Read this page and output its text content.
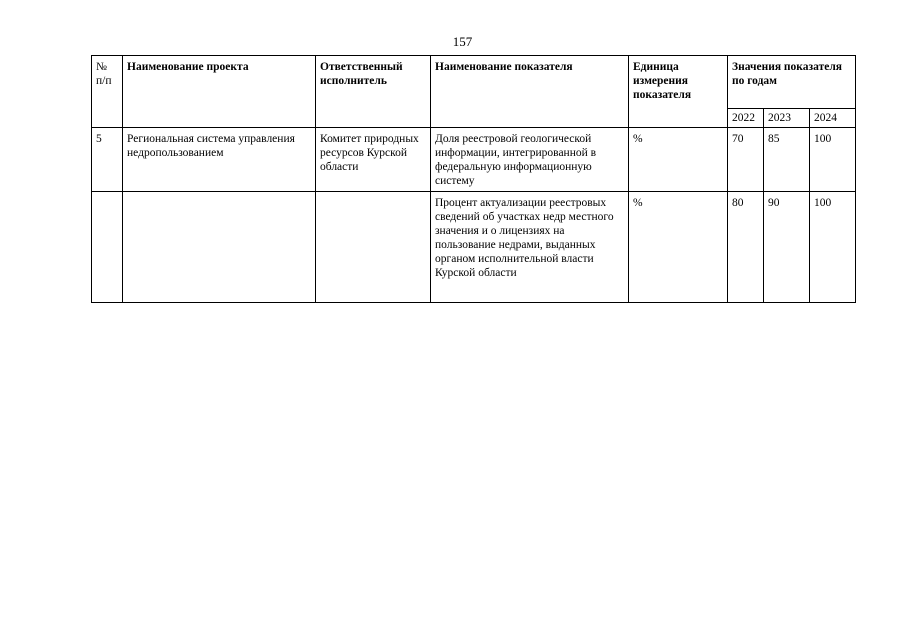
157
№ п/п	Наименование проекта	Ответственный исполнитель	Наименование показателя	Единица измерения показателя	Значения показателя по годам		
					2022	2023	2024
5	Региональная система управления недропользованием	Комитет природных ресурсов Курской области	Доля реестровой геологической информации, интегрированной в федеральную информационную систему	%	70	85	100
			Процент актуализации реестровых сведений об участках недр местного значения и о лицензиях на пользование недрами, выданных органом исполнительной власти Курской области	%	80	90	100
